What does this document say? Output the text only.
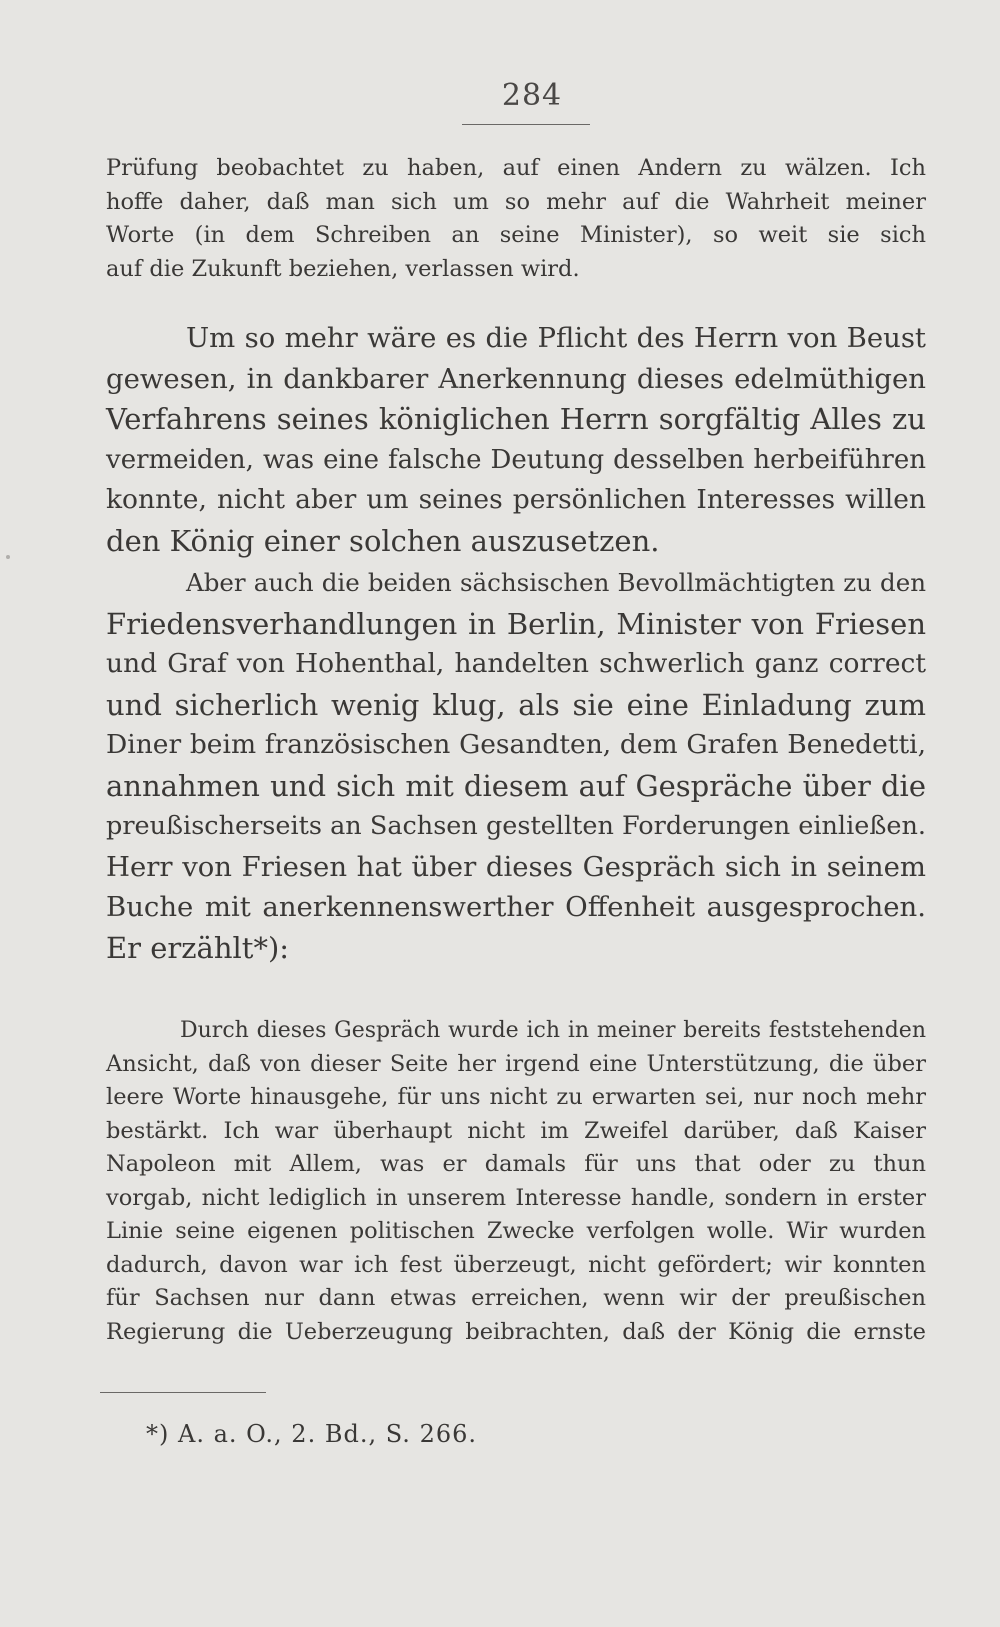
284
Prüfung beobachtet zu haben, auf einen Andern zu wälzen. Ich
hoffe daher, daß man sich um so mehr auf die Wahrheit meiner
Worte (in dem Schreiben an seine Minister), so weit sie sich
auf die Zukunft beziehen, verlassen wird.
Um so mehr wäre es die Pflicht des Herrn von Beust
gewesen, in dankbarer Anerkennung dieses edelmüthigen
Verfahrens seines königlichen Herrn sorgfältig Alles zu
vermeiden, was eine falsche Deutung desselben herbeiführen
konnte, nicht aber um seines persönlichen Interesses willen
den König einer solchen auszusetzen.
Aber auch die beiden sächsischen Bevollmächtigten zu den
Friedensverhandlungen in Berlin, Minister von Friesen
und Graf von Hohenthal, handelten schwerlich ganz correct
und sicherlich wenig klug, als sie eine Einladung zum
Diner beim französischen Gesandten, dem Grafen Benedetti,
annahmen und sich mit diesem auf Gespräche über die
preußischerseits an Sachsen gestellten Forderungen einließen.
Herr von Friesen hat über dieses Gespräch sich in seinem
Buche mit anerkennenswerther Offenheit ausgesprochen.
Er erzählt*):
Durch dieses Gespräch wurde ich in meiner bereits feststehenden
Ansicht, daß von dieser Seite her irgend eine Unterstützung, die über
leere Worte hinausgehe, für uns nicht zu erwarten sei, nur noch mehr
bestärkt. Ich war überhaupt nicht im Zweifel darüber, daß Kaiser
Napoleon mit Allem, was er damals für uns that oder zu thun
vorgab, nicht lediglich in unserem Interesse handle, sondern in erster
Linie seine eigenen politischen Zwecke verfolgen wolle. Wir wurden
dadurch, davon war ich fest überzeugt, nicht gefördert; wir konnten
für Sachsen nur dann etwas erreichen, wenn wir der preußischen
Regierung die Ueberzeugung beibrachten, daß der König die ernste
*) A. a. O., 2. Bd., S. 266.
